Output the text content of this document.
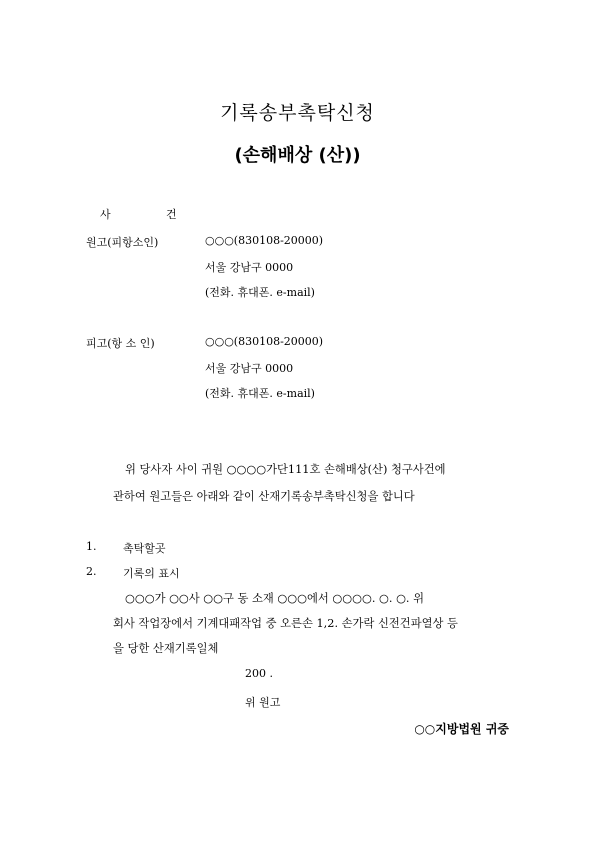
기록송부촉탁신청
(손해배상 (산))
사	건
원고(피항소인)	○○○(830108-20000)
서울 강남구 0000
(전화. 휴대폰. e-mail)
피고(항 소 인)	○○○(830108-20000)
서울 강남구 0000
(전화. 휴대폰. e-mail)
위 당사자 사이 귀원 ○○○○가단111호 손해배상(산) 청구사건에
관하여 원고들은 아래와 같이 산재기록송부촉탁신청을 합니다
1. 촉탁할곳
2. 기록의 표시
○○○가 ○○사 ○○구 동 소재 ○○○에서 ○○○○. ○. ○. 위
회사 작업장에서 기계대패작업 중 오른손 1,2. 손가락 신전건파열상 등
을 당한 산재기록일체
200 .
위 원고
○○지방법원 귀중
